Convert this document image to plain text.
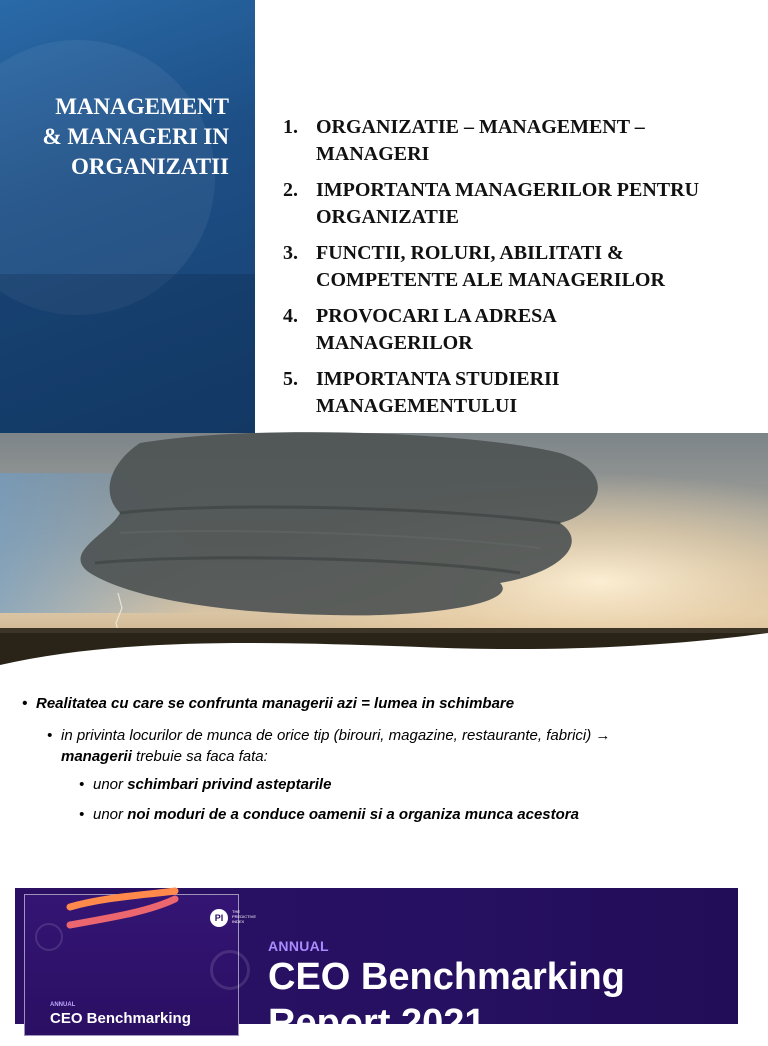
MANAGEMENT
& MANAGERI IN
ORGANIZATII
1. ORGANIZATIE – MANAGEMENT –
MANAGERI
2. IMPORTANTA MANAGERILOR PENTRU
ORGANIZATIE
3. FUNCTII, ROLURI, ABILITATI &
COMPETENTE ALE MANAGERILOR
4. PROVOCARI LA ADRESA
MANAGERILOR
5. IMPORTANTA STUDIERII
MANAGEMENTULUI
• Realitatea cu care se confrunta managerii azi = lumea in schimbare
• in privinta locurilor de munca de orice tip (birouri, magazine, restaurante, fabrici) →
managerii trebuie sa faca fata:
• unor schimbari privind asteptarile
• unor noi moduri de a conduce oamenii si a organiza munca acestora
PI
THE PREDICTIVE INDEX
ANNUAL
CEO Benchmarking
ANNUAL
CEO Benchmarking
Report 2021
